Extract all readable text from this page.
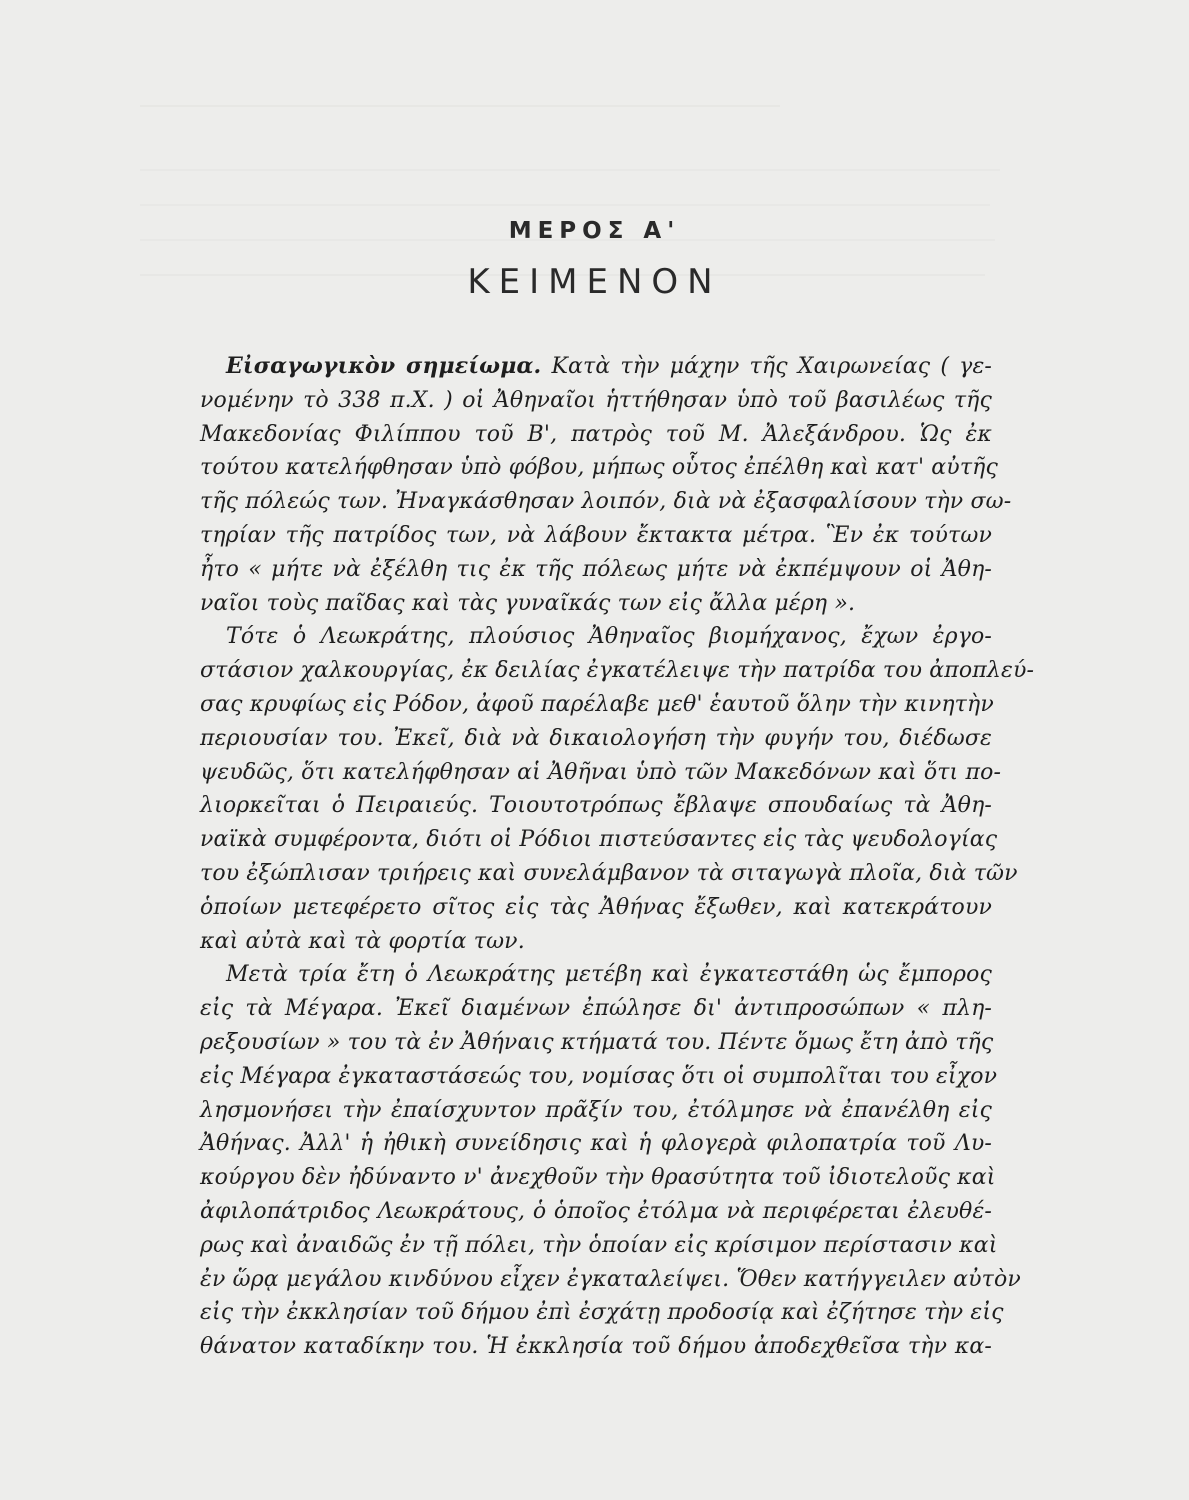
ΜΕΡΟΣ Α'
ΚΕΙΜΕΝΟΝ
Εἰσαγωγικὸν σημείωμα. Κατὰ τὴν μάχην τῆς Χαιρωνείας ( γε-
νομένην τὸ 338 π.Χ. ) οἱ Ἀθηναῖοι ἡττήθησαν ὑπὸ τοῦ βασιλέως τῆς
Μακεδονίας Φιλίππου τοῦ Β', πατρὸς τοῦ Μ. Ἀλεξάνδρου. Ὡς ἐκ
τούτου κατελήφθησαν ὑπὸ φόβου, μήπως οὗτος ἐπέλθη καὶ κατ' αὐτῆς
τῆς πόλεώς των. Ἠναγκάσθησαν λοιπόν, διὰ νὰ ἐξασφαλίσουν τὴν σω-
τηρίαν τῆς πατρίδος των, νὰ λάβουν ἔκτακτα μέτρα. Ἓν ἐκ τούτων
ἦτο « μήτε νὰ ἐξέλθη τις ἐκ τῆς πόλεως μήτε νὰ ἐκπέμψουν οἱ Ἀθη-
ναῖοι τοὺς παῖδας καὶ τὰς γυναῖκάς των εἰς ἄλλα μέρη ».
Τότε ὁ Λεωκράτης, πλούσιος Ἀθηναῖος βιομήχανος, ἔχων ἐργο-
στάσιον χαλκουργίας, ἐκ δειλίας ἐγκατέλειψε τὴν πατρίδα του ἀποπλεύ-
σας κρυφίως εἰς Ρόδον, ἀφοῦ παρέλαβε μεθ' ἑαυτοῦ ὅλην τὴν κινητὴν
περιουσίαν του. Ἐκεῖ, διὰ νὰ δικαιολογήση τὴν φυγήν του, διέδωσε
ψευδῶς, ὅτι κατελήφθησαν αἱ Ἀθῆναι ὑπὸ τῶν Μακεδόνων καὶ ὅτι πο-
λιορκεῖται ὁ Πειραιεύς. Τοιουτοτρόπως ἔβλαψε σπουδαίως τὰ Ἀθη-
ναϊκὰ συμφέροντα, διότι οἱ Ρόδιοι πιστεύσαντες εἰς τὰς ψευδολογίας
του ἐξώπλισαν τριήρεις καὶ συνελάμβανον τὰ σιταγωγὰ πλοῖα, διὰ τῶν
ὁποίων μετεφέρετο σῖτος εἰς τὰς Ἀθήνας ἔξωθεν, καὶ κατεκράτουν
καὶ αὐτὰ καὶ τὰ φορτία των.
Μετὰ τρία ἔτη ὁ Λεωκράτης μετέβη καὶ ἐγκατεστάθη ὡς ἔμπορος
εἰς τὰ Μέγαρα. Ἐκεῖ διαμένων ἐπώλησε δι' ἀντιπροσώπων « πλη-
ρεξουσίων » του τὰ ἐν Ἀθήναις κτήματά του. Πέντε ὅμως ἔτη ἀπὸ τῆς
εἰς Μέγαρα ἐγκαταστάσεώς του, νομίσας ὅτι οἱ συμπολῖται του εἶχον
λησμονήσει τὴν ἐπαίσχυντον πρᾶξίν του, ἐτόλμησε νὰ ἐπανέλθη εἰς
Ἀθήνας. Ἀλλ' ἡ ἠθικὴ συνείδησις καὶ ἡ φλογερὰ φιλοπατρία τοῦ Λυ-
κούργου δὲν ἠδύναντο ν' ἀνεχθοῦν τὴν θρασύτητα τοῦ ἰδιοτελοῦς καὶ
ἀφιλοπάτριδος Λεωκράτους, ὁ ὁποῖος ἐτόλμα νὰ περιφέρεται ἐλευθέ-
ρως καὶ ἀναιδῶς ἐν τῇ πόλει, τὴν ὁποίαν εἰς κρίσιμον περίστασιν καὶ
ἐν ὥρᾳ μεγάλου κινδύνου εἶχεν ἐγκαταλείψει. Ὅθεν κατήγγειλεν αὐτὸν
εἰς τὴν ἐκκλησίαν τοῦ δήμου ἐπὶ ἐσχάτῃ προδοσίᾳ καὶ ἐζήτησε τὴν εἰς
θάνατον καταδίκην του. Ἡ ἐκκλησία τοῦ δήμου ἀποδεχθεῖσα τὴν κα-
